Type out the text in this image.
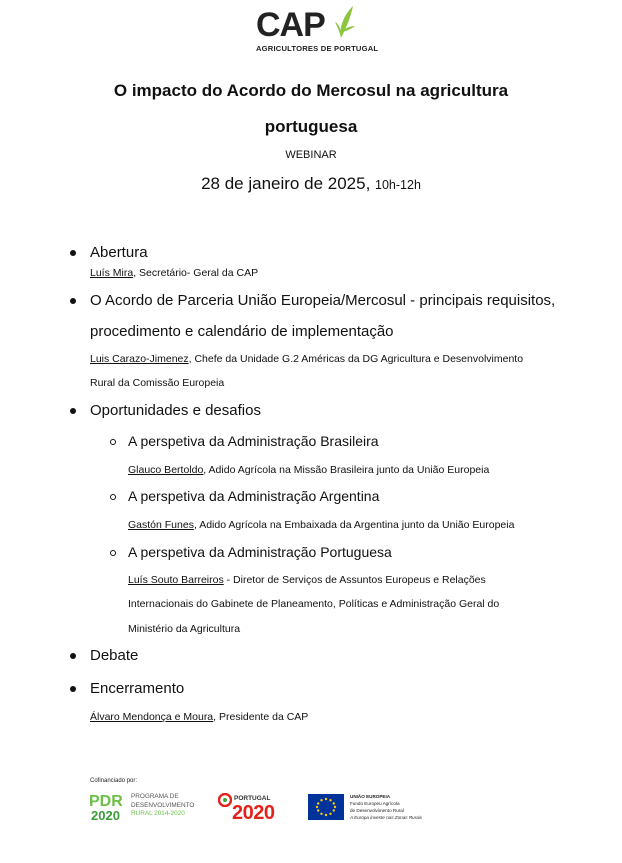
CAP
AGRICULTORES DE PORTUGAL
O impacto do Acordo do Mercosul na agricultura
portuguesa
WEBINAR
28 de janeiro de 2025, 10h-12h
Abertura
Luís Mira, Secretário- Geral da CAP
O Acordo de Parceria União Europeia/Mercosul - principais requisitos,
procedimento e calendário de implementação
Luis Carazo-Jimenez, Chefe da Unidade G.2 Américas da DG Agricultura e Desenvolvimento
Rural da Comissão Europeia
Oportunidades e desafios
A perspetiva da Administração Brasileira
Glauco Bertoldo, Adido Agrícola na Missão Brasileira junto da União Europeia
A perspetiva da Administração Argentina
Gastón Funes, Adido Agrícola na Embaixada da Argentina junto da União Europeia
A perspetiva da Administração Portuguesa
Luís Souto Barreiros - Diretor de Serviços de Assuntos Europeus e Relações
Internacionais do Gabinete de Planeamento, Políticas e Administração Geral do
Ministério da Agricultura
Debate
Encerramento
Álvaro Mendonça e Moura, Presidente da CAP
Cofinanciado por:
PDR
2020
PROGRAMA DE
DESENVOLVIMENTO
RURAL 2014-2020
PORTUGAL
2020
UNIÃO EUROPEIA
Fundo Europeu Agrícola
de Desenvolvimento Rural
A Europa investe nas Zonas Rurais
